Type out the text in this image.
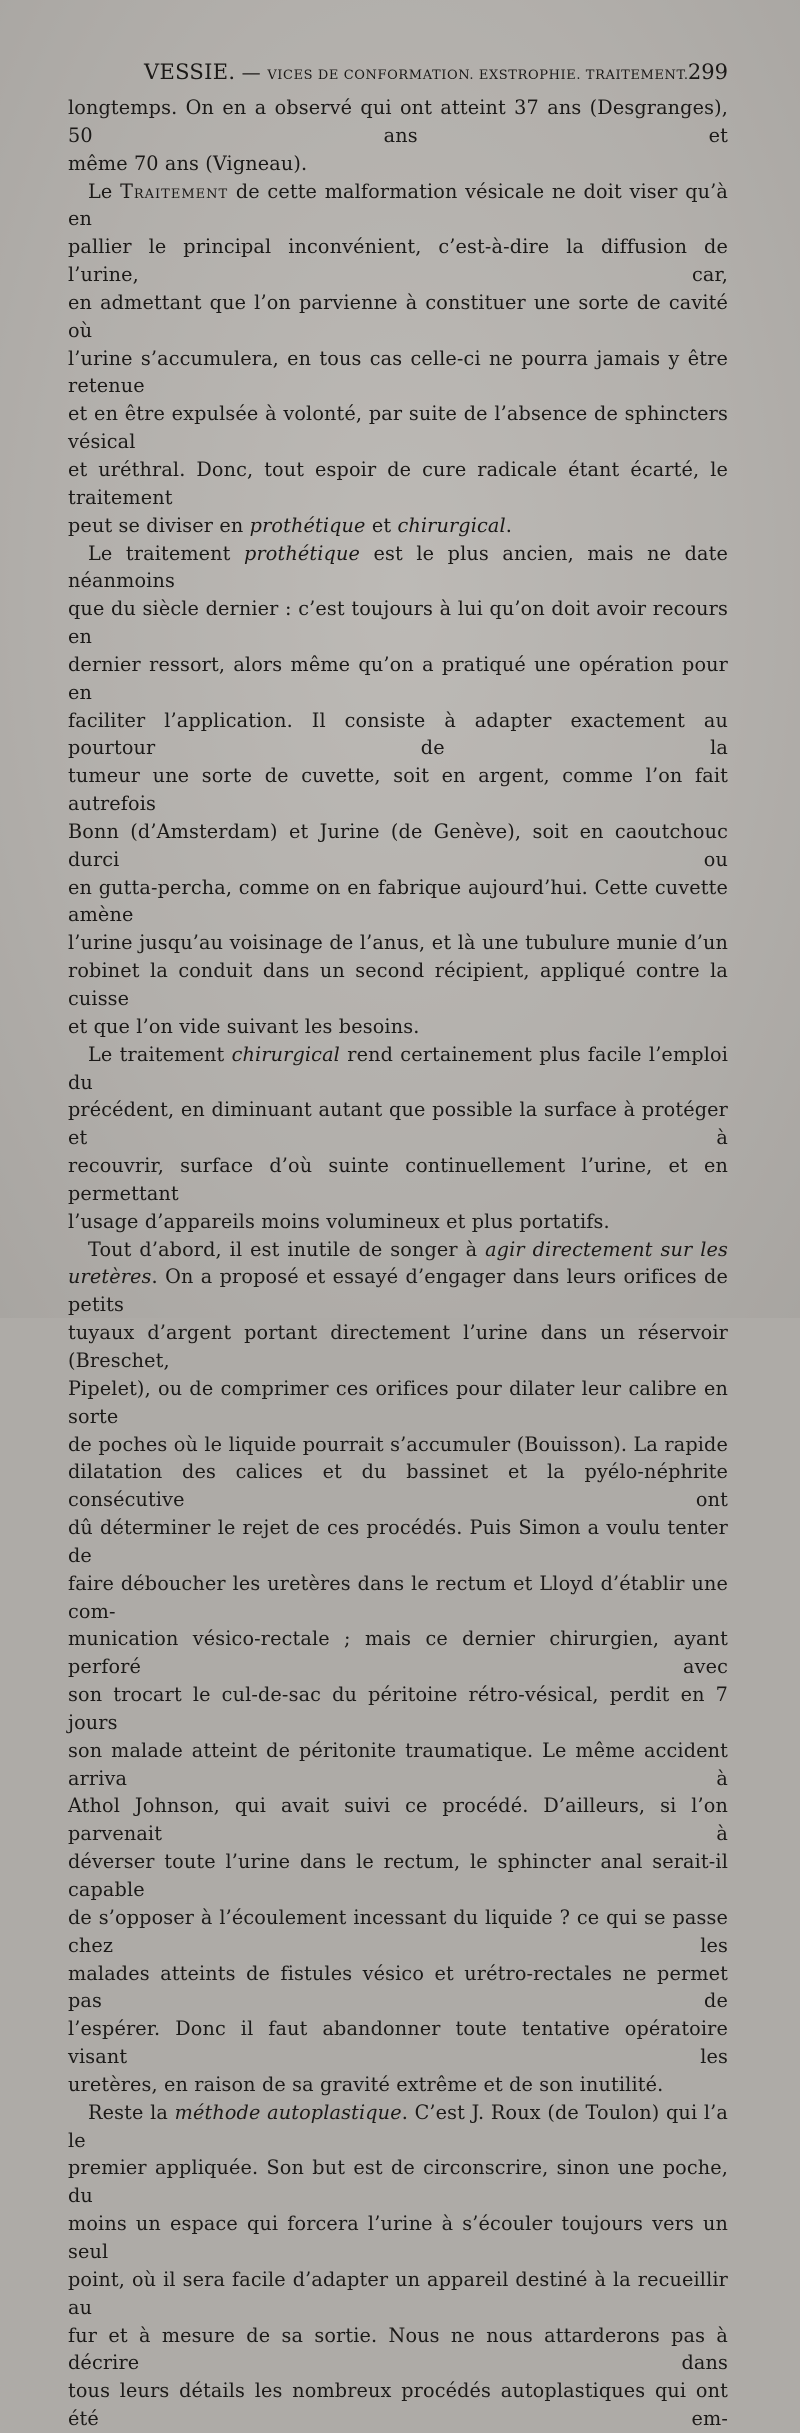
VESSIE. — VICES DE CONFORMATION. EXSTROPHIE. TRAITEMENT. 299

longtemps. On en a observé qui ont atteint 37 ans (Desgranges), 50 ans et

même 70 ans (Vigneau).

Le Traitement de cette malformation vésicale ne doit viser qu’à en

pallier le principal inconvénient, c’est-à-dire la diffusion de l’urine, car,

en admettant que l’on parvienne à constituer une sorte de cavité où

l’urine s’accumulera, en tous cas celle-ci ne pourra jamais y être retenue

et en être expulsée à volonté, par suite de l’absence de sphincters vésical

et uréthral. Donc, tout espoir de cure radicale étant écarté, le traitement

peut se diviser en prothétique et chirurgical.

Le traitement prothétique est le plus ancien, mais ne date néanmoins

que du siècle dernier : c’est toujours à lui qu’on doit avoir recours en

dernier ressort, alors même qu’on a pratiqué une opération pour en

faciliter l’application. Il consiste à adapter exactement au pourtour de la

tumeur une sorte de cuvette, soit en argent, comme l’on fait autrefois

Bonn (d’Amsterdam) et Jurine (de Genève), soit en caoutchouc durci ou

en gutta-percha, comme on en fabrique aujourd’hui. Cette cuvette amène

l’urine jusqu’au voisinage de l’anus, et là une tubulure munie d’un

robinet la conduit dans un second récipient, appliqué contre la cuisse

et que l’on vide suivant les besoins.

Le traitement chirurgical rend certainement plus facile l’emploi du

précédent, en diminuant autant que possible la surface à protéger et à

recouvrir, surface d’où suinte continuellement l’urine, et en permettant

l’usage d’appareils moins volumineux et plus portatifs.

Tout d’abord, il est inutile de songer à agir directement sur les

uretères. On a proposé et essayé d’engager dans leurs orifices de petits

tuyaux d’argent portant directement l’urine dans un réservoir (Breschet,

Pipelet), ou de comprimer ces orifices pour dilater leur calibre en sorte

de poches où le liquide pourrait s’accumuler (Bouisson). La rapide

dilatation des calices et du bassinet et la pyélo-néphrite consécutive ont

dû déterminer le rejet de ces procédés. Puis Simon a voulu tenter de

faire déboucher les uretères dans le rectum et Lloyd d’établir une com-

munication vésico-rectale ; mais ce dernier chirurgien, ayant perforé avec

son trocart le cul-de-sac du péritoine rétro-vésical, perdit en 7 jours

son malade atteint de péritonite traumatique. Le même accident arriva à

Athol Johnson, qui avait suivi ce procédé. D’ailleurs, si l’on parvenait à

déverser toute l’urine dans le rectum, le sphincter anal serait-il capable

de s’opposer à l’écoulement incessant du liquide ? ce qui se passe chez les

malades atteints de fistules vésico et urétro-rectales ne permet pas de

l’espérer. Donc il faut abandonner toute tentative opératoire visant les

uretères, en raison de sa gravité extrême et de son inutilité.

Reste la méthode autoplastique. C’est J. Roux (de Toulon) qui l’a le

premier appliquée. Son but est de circonscrire, sinon une poche, du

moins un espace qui forcera l’urine à s’écouler toujours vers un seul

point, où il sera facile d’adapter un appareil destiné à la recueillir au

fur et à mesure de sa sortie. Nous ne nous attarderons pas à décrire dans

tous leurs détails les nombreux procédés autoplastiques qui ont été em-
